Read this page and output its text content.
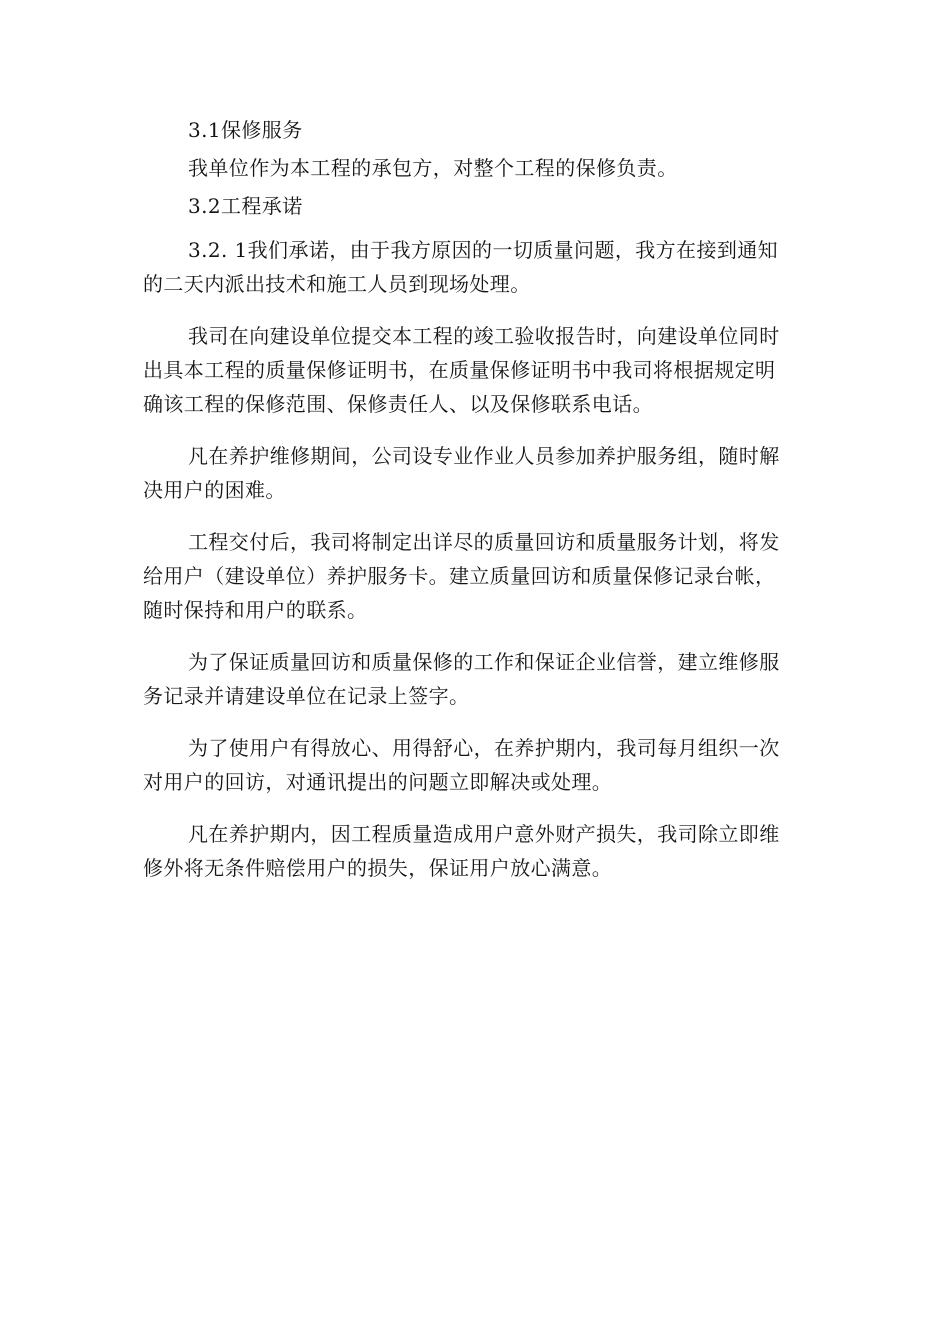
3.1保修服务
我单位作为本工程的承包方，对整个工程的保修负责。
3.2工程承诺
3.2. 1我们承诺，由于我方原因的一切质量问题，我方在接到通知
的二天内派出技术和施工人员到现场处理。
我司在向建设单位提交本工程的竣工验收报告时，向建设单位同时
出具本工程的质量保修证明书，在质量保修证明书中我司将根据规定明
确该工程的保修范围、保修责任人、以及保修联系电话。
凡在养护维修期间，公司设专业作业人员参加养护服务组，随时解
决用户的困难。
工程交付后，我司将制定出详尽的质量回访和质量服务计划，将发
给用户（建设单位）养护服务卡。建立质量回访和质量保修记录台帐，
随时保持和用户的联系。
为了保证质量回访和质量保修的工作和保证企业信誉，建立维修服
务记录并请建设单位在记录上签字。
为了使用户有得放心、用得舒心，在养护期内，我司每月组织一次
对用户的回访，对通讯提出的问题立即解决或处理。
凡在养护期内，因工程质量造成用户意外财产损失，我司除立即维
修外将无条件赔偿用户的损失，保证用户放心满意。
